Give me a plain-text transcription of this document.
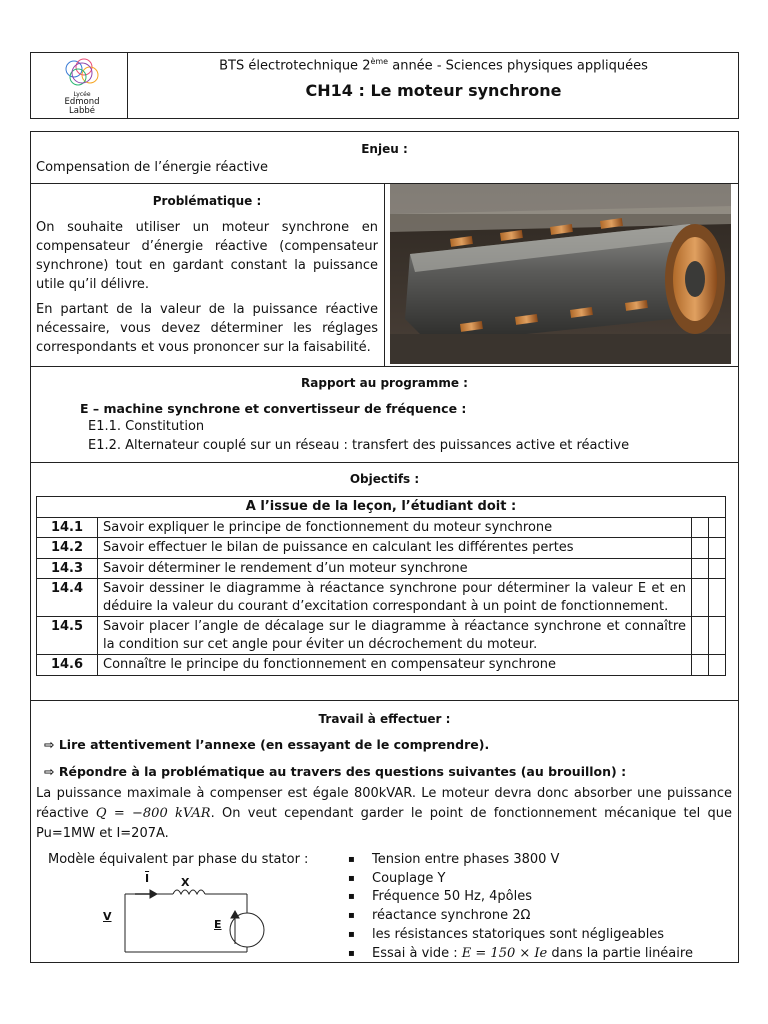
Lycée
Edmond
Labbé
BTS électrotechnique 2ème année - Sciences physiques appliquées
CH14 : Le moteur synchrone
Enjeu :
Compensation de l’énergie réactive
Problématique :

On souhaite utiliser un moteur synchrone en compensateur d’énergie réactive (compensateur synchrone) tout en gardant constant la puissance utile qu’il délivre.

En partant de la valeur de la puissance réactive nécessaire, vous devez déterminer les réglages correspondants et vous prononcer sur la faisabilité.

Rapport au programme :
E – machine synchrone et convertisseur de fréquence :
E1.1. Constitution
E1.2. Alternateur couplé sur un réseau : transfert des puissances active et réactive
Objectifs :
A l’issue de la leçon, l’étudiant doit :			
14.1	Savoir expliquer le principe de fonctionnement du moteur synchrone		
14.2	Savoir effectuer le bilan de puissance en calculant les différentes pertes		
14.3	Savoir déterminer le rendement d’un moteur synchrone		
14.4	Savoir dessiner le diagramme à réactance synchrone pour déterminer la valeur E et en déduire la valeur du courant d’excitation correspondant à un point de fonctionnement.		
14.5	Savoir placer l’angle de décalage sur le diagramme à réactance synchrone et connaître la condition sur cet angle pour éviter un décrochement du moteur.		
14.6	Connaître le principe du fonctionnement en compensateur synchrone		
Travail à effectuer :
⇨ Lire attentivement l’annexe (en essayant de le comprendre).
⇨ Répondre à la problématique au travers des questions suivantes (au brouillon) :

La puissance maximale à compenser est égale 800kVAR. Le moteur devra donc absorber une puissance réactive Q = −800 kVAR. On veut cependant garder le point de fonctionnement mécanique tel que Pu=1MW et I=207A.

Modèle équivalent par phase du stator :
$\overline{I}$	X
V
E
▪ Tension entre phases 3800 V
▪ Couplage Y
▪ Fréquence 50 Hz, 4pôles
▪ réactance synchrone 2Ω
▪ les résistances statoriques sont négligeables
▪ Essai à vide : E = 150 × Ie dans la partie linéaire
